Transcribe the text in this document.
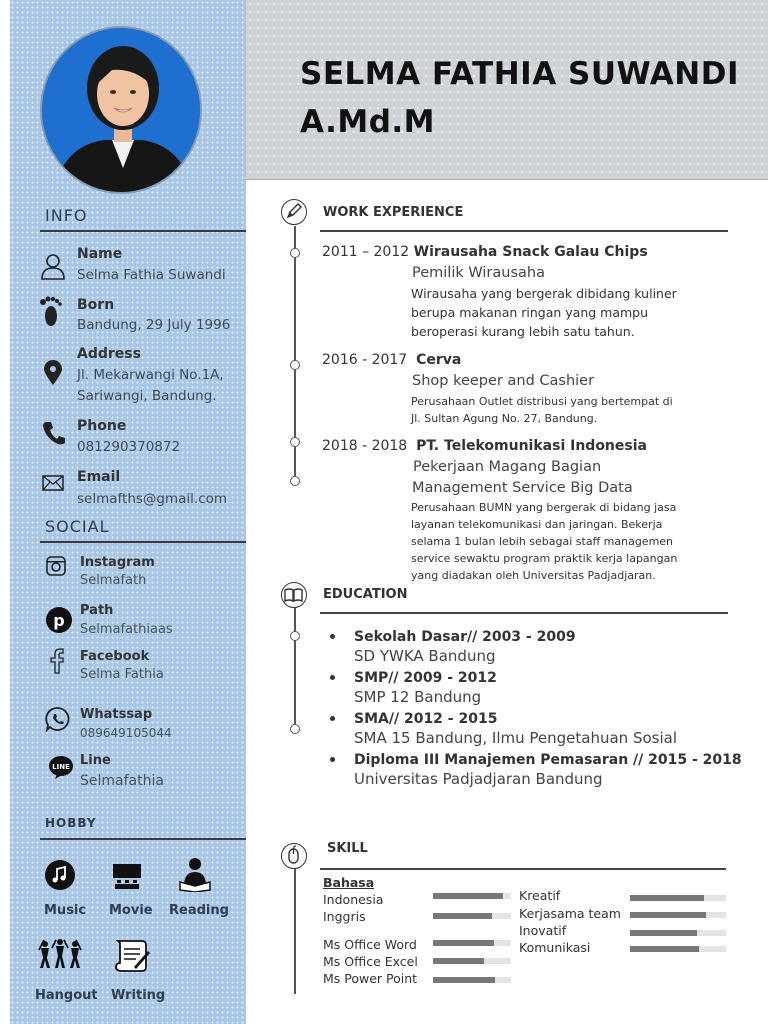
SELMA FATHIA SUWANDI
A.Md.M
INFO
Name
Selma Fathia Suwandi
Born
Bandung, 29 July 1996
Address
Jl. Mekarwangi No.1A,
Sariwangi, Bandung.
Phone
081290370872
Email
selmafths@gmail.com
SOCIAL
Instagram
Selmafath
p
Path
Selmafathiaas
Facebook
Selma Fathia
Whatssap
089649105044
LINE Line
Selmafathia
HOBBY
Music Movie Reading
Hangout Writing
WORK EXPERIENCE
2011 – 2012 Wirausaha Snack Galau Chips
Pemilik Wirausaha
Wirausaha yang bergerak dibidang kuliner
berupa makanan ringan yang mampu
beroperasi kurang lebih satu tahun.
2016 - 2017 Cerva
Shop keeper and Cashier
Perusahaan Outlet distribusi yang bertempat di
Jl. Sultan Agung No. 27, Bandung.
2018 - 2018 PT. Telekomunikasi Indonesia
Pekerjaan Magang Bagian
Management Service Big Data
Perusahaan BUMN yang bergerak di bidang jasa
layanan telekomunikasi dan jaringan. Bekerja
selama 1 bulan lebih sebagai staff managemen
service sewaktu program praktik kerja lapangan
yang diadakan oleh Universitas Padjadjaran.
EDUCATION
Sekolah Dasar// 2003 - 2009
SD YWKA Bandung
SMP// 2009 - 2012
SMP 12 Bandung
SMA// 2012 - 2015
SMA 15 Bandung, Ilmu Pengetahuan Sosial
Diploma III Manajemen Pemasaran // 2015 - 2018
Universitas Padjadjaran Bandung
SKILL
Bahasa
Indonesia
Inggris
Ms Office Word
Ms Office Excel
Ms Power Point
Kreatif
Kerjasama team
Inovatif
Komunikasi
